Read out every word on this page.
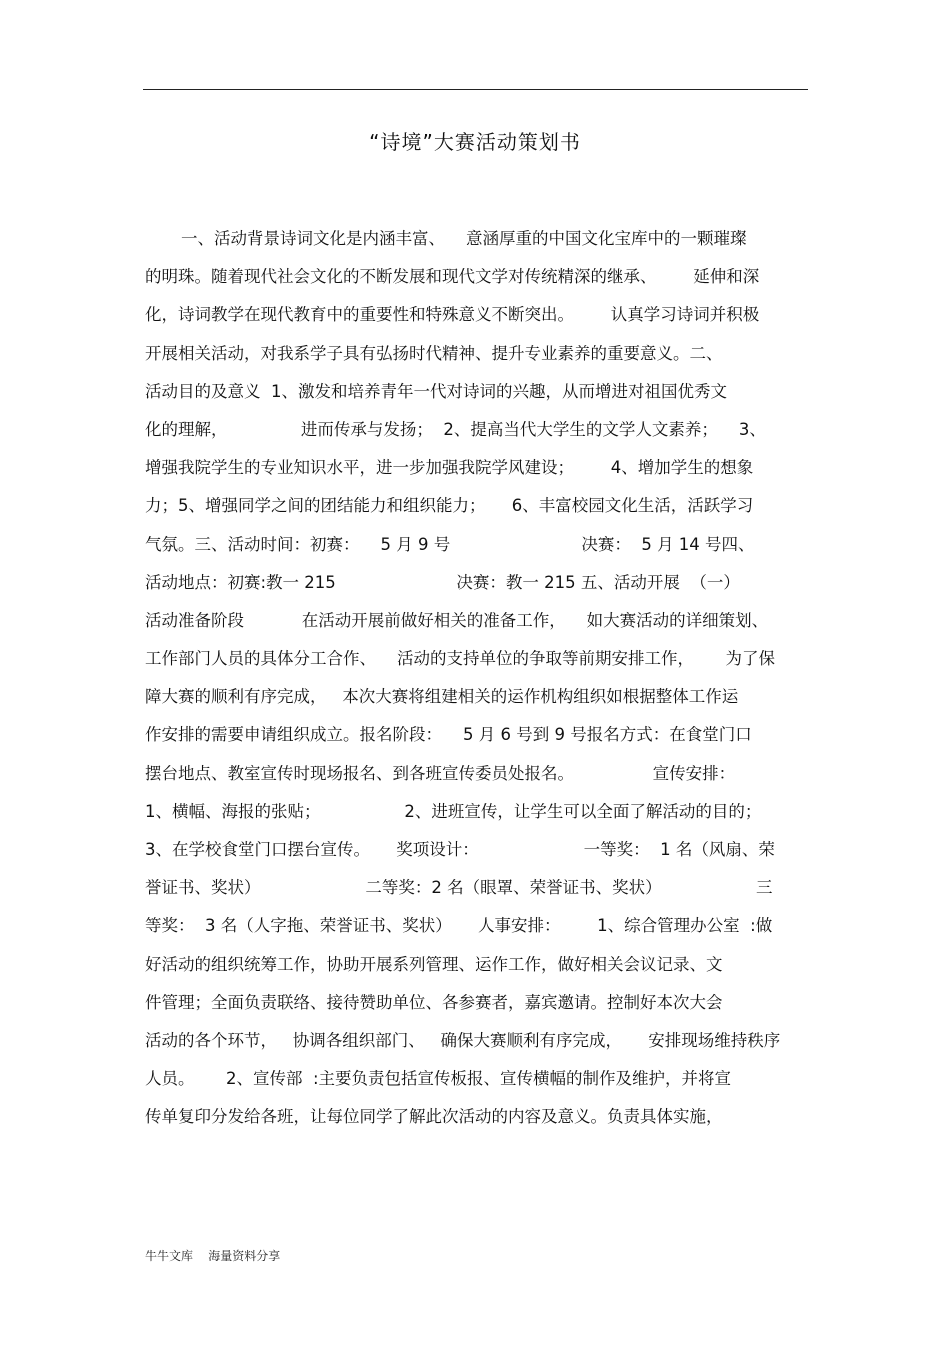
“诗境”大赛活动策划书
一、活动背景诗词文化是内涵丰富、    意涵厚重的中国文化宝库中的一颗璀璨
的明珠。随着现代社会文化的不断发展和现代文学对传统精深的继承、       延伸和深
化，诗词教学在现代教育中的重要性和特殊意义不断突出。       认真学习诗词并积极
开展相关活动，对我系学子具有弘扬时代精神、提升专业素养的重要意义。二、
活动目的及意义  1、激发和培养青年一代对诗词的兴趣，从而增进对祖国优秀文
化的理解，              进而传承与发扬；  2、提高当代大学生的文学人文素养；    3、
增强我院学生的专业知识水平，进一步加强我院学风建设；       4、增加学生的想象
力；5、增强同学之间的团结能力和组织能力；     6、丰富校园文化生活，活跃学习
气氛。三、活动时间：初赛：    5 月 9 号                         决赛：  5 月 14 号四、
活动地点：初赛:教一 215                       决赛：教一 215 五、活动开展  （一）
活动准备阶段           在活动开展前做好相关的准备工作，    如大赛活动的详细策划、
工作部门人员的具体分工合作、    活动的支持单位的争取等前期安排工作，      为了保
障大赛的顺利有序完成，   本次大赛将组建相关的运作机构组织如根据整体工作运
作安排的需要申请组织成立。报名阶段：    5 月 6 号到 9 号报名方式：在食堂门口
摆台地点、教室宣传时现场报名、到各班宣传委员处报名。               宣传安排：
1、横幅、海报的张贴；                2、进班宣传，让学生可以全面了解活动的目的；
3、在学校食堂门口摆台宣传。     奖项设计：                    一等奖：  1 名（风扇、荣
誉证书、奖状）                    二等奖：2 名（眼罩、荣誉证书、奖状）                  三
等奖：  3 名（人字拖、荣誉证书、奖状）     人事安排：       1、综合管理办公室  :做
好活动的组织统筹工作，协助开展系列管理、运作工作，做好相关会议记录、文
件管理；全面负责联络、接待赞助单位、各参赛者，嘉宾邀请。控制好本次大会
活动的各个环节，   协调各组织部门、   确保大赛顺利有序完成，     安排现场维持秩序
人员。      2、宣传部  :主要负责包括宣传板报、宣传横幅的制作及维护，并将宣
传单复印分发给各班，让每位同学了解此次活动的内容及意义。负责具体实施，
牛牛文库    海量资料分享
